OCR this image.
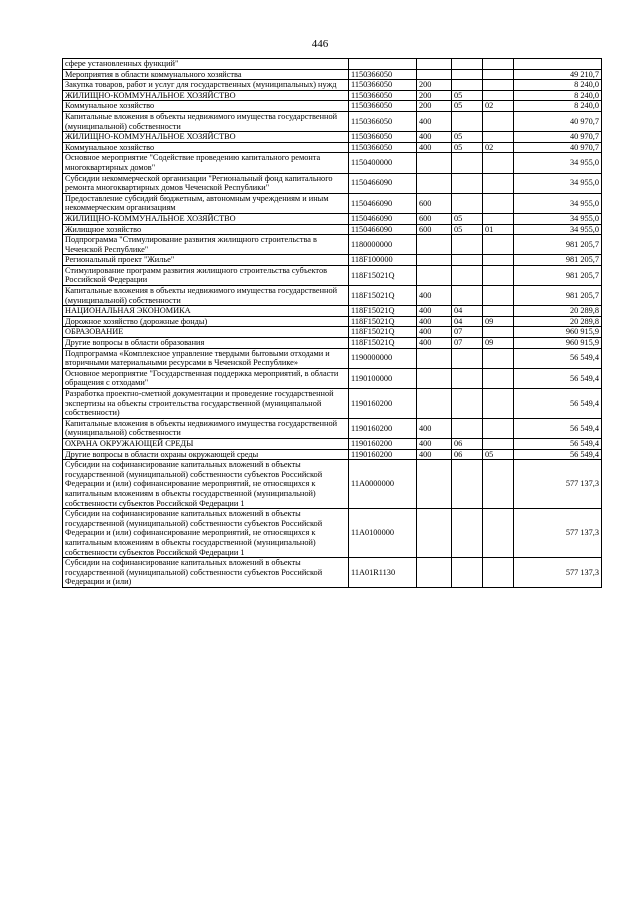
446
сфере установленных функций"					
Мероприятия в области коммунального хозяйства	1150366050				49 210,7
Закупка товаров, работ и услуг для государственных (муниципальных) нужд	1150366050	200			8 240,0
ЖИЛИЩНО-КОММУНАЛЬНОЕ ХОЗЯЙСТВО	1150366050	200	05		8 240,0
Коммунальное хозяйство	1150366050	200	05	02	8 240,0
Капитальные вложения в объекты недвижимого имущества государственной (муниципальной) собственности	1150366050	400			40 970,7
ЖИЛИЩНО-КОММУНАЛЬНОЕ ХОЗЯЙСТВО	1150366050	400	05		40 970,7
Коммунальное хозяйство	1150366050	400	05	02	40 970,7
Основное мероприятие "Содействие проведению капитального ремонта многоквартирных домов"	1150400000				34 955,0
Субсидии некоммерческой организации "Региональный фонд капитального ремонта многоквартирных домов Чеченской Республики"	1150466090				34 955,0
Предоставление субсидий бюджетным, автономным учреждениям и иным некоммерческим организациям	1150466090	600			34 955,0
ЖИЛИЩНО-КОММУНАЛЬНОЕ ХОЗЯЙСТВО	1150466090	600	05		34 955,0
Жилищное хозяйство	1150466090	600	05	01	34 955,0
Подпрограмма "Стимулирование развития жилищного строительства в Чеченской Республике"	1180000000				981 205,7
Региональный проект "Жилье"	118F100000				981 205,7
Стимулирование программ развития жилищного строительства субъектов Российской Федерации	118F15021Q				981 205,7
Капитальные вложения в объекты недвижимого имущества государственной (муниципальной) собственности	118F15021Q	400			981 205,7
НАЦИОНАЛЬНАЯ ЭКОНОМИКА	118F15021Q	400	04		20 289,8
Дорожное хозяйство (дорожные фонды)	118F15021Q	400	04	09	20 289,8
ОБРАЗОВАНИЕ	118F15021Q	400	07		960 915,9
Другие вопросы в области образования	118F15021Q	400	07	09	960 915,9
Подпрограмма «Комплексное управление твердыми бытовыми отходами и вторичными материальными ресурсами в Чеченской Республике»	1190000000				56 549,4
Основное мероприятие "Государственная поддержка мероприятий, в области обращения с отходами"	1190100000				56 549,4
Разработка проектно-сметной документации и проведение государственной экспертизы на объекты строительства государственной (муниципальной собственности)	1190160200				56 549,4
Капитальные вложения в объекты недвижимого имущества государственной (муниципальной) собственности	1190160200	400			56 549,4
ОХРАНА ОКРУЖАЮЩЕЙ СРЕДЫ	1190160200	400	06		56 549,4
Другие вопросы в области охраны окружающей среды	1190160200	400	06	05	56 549,4
Субсидии на софинансирование капитальных вложений в объекты государственной (муниципальной) собственности субъектов Российской Федерации и (или) софинансирование мероприятий, не относящихся к капитальным вложениям в объекты государственной (муниципальной) собственности субъектов Российской Федерации 1	11А0000000				577 137,3
Субсидии на софинансирование капитальных вложений в объекты государственной (муниципальной) собственности субъектов Российской Федерации и (или) софинансирование мероприятий, не относящихся к капитальным вложениям в объекты государственной (муниципальной) собственности субъектов Российской Федерации 1	11А0100000				577 137,3
Субсидии на софинансирование капитальных вложений в объекты государственной (муниципальной) собственности субъектов Российской Федерации и (или)	11А01R1130				577 137,3
